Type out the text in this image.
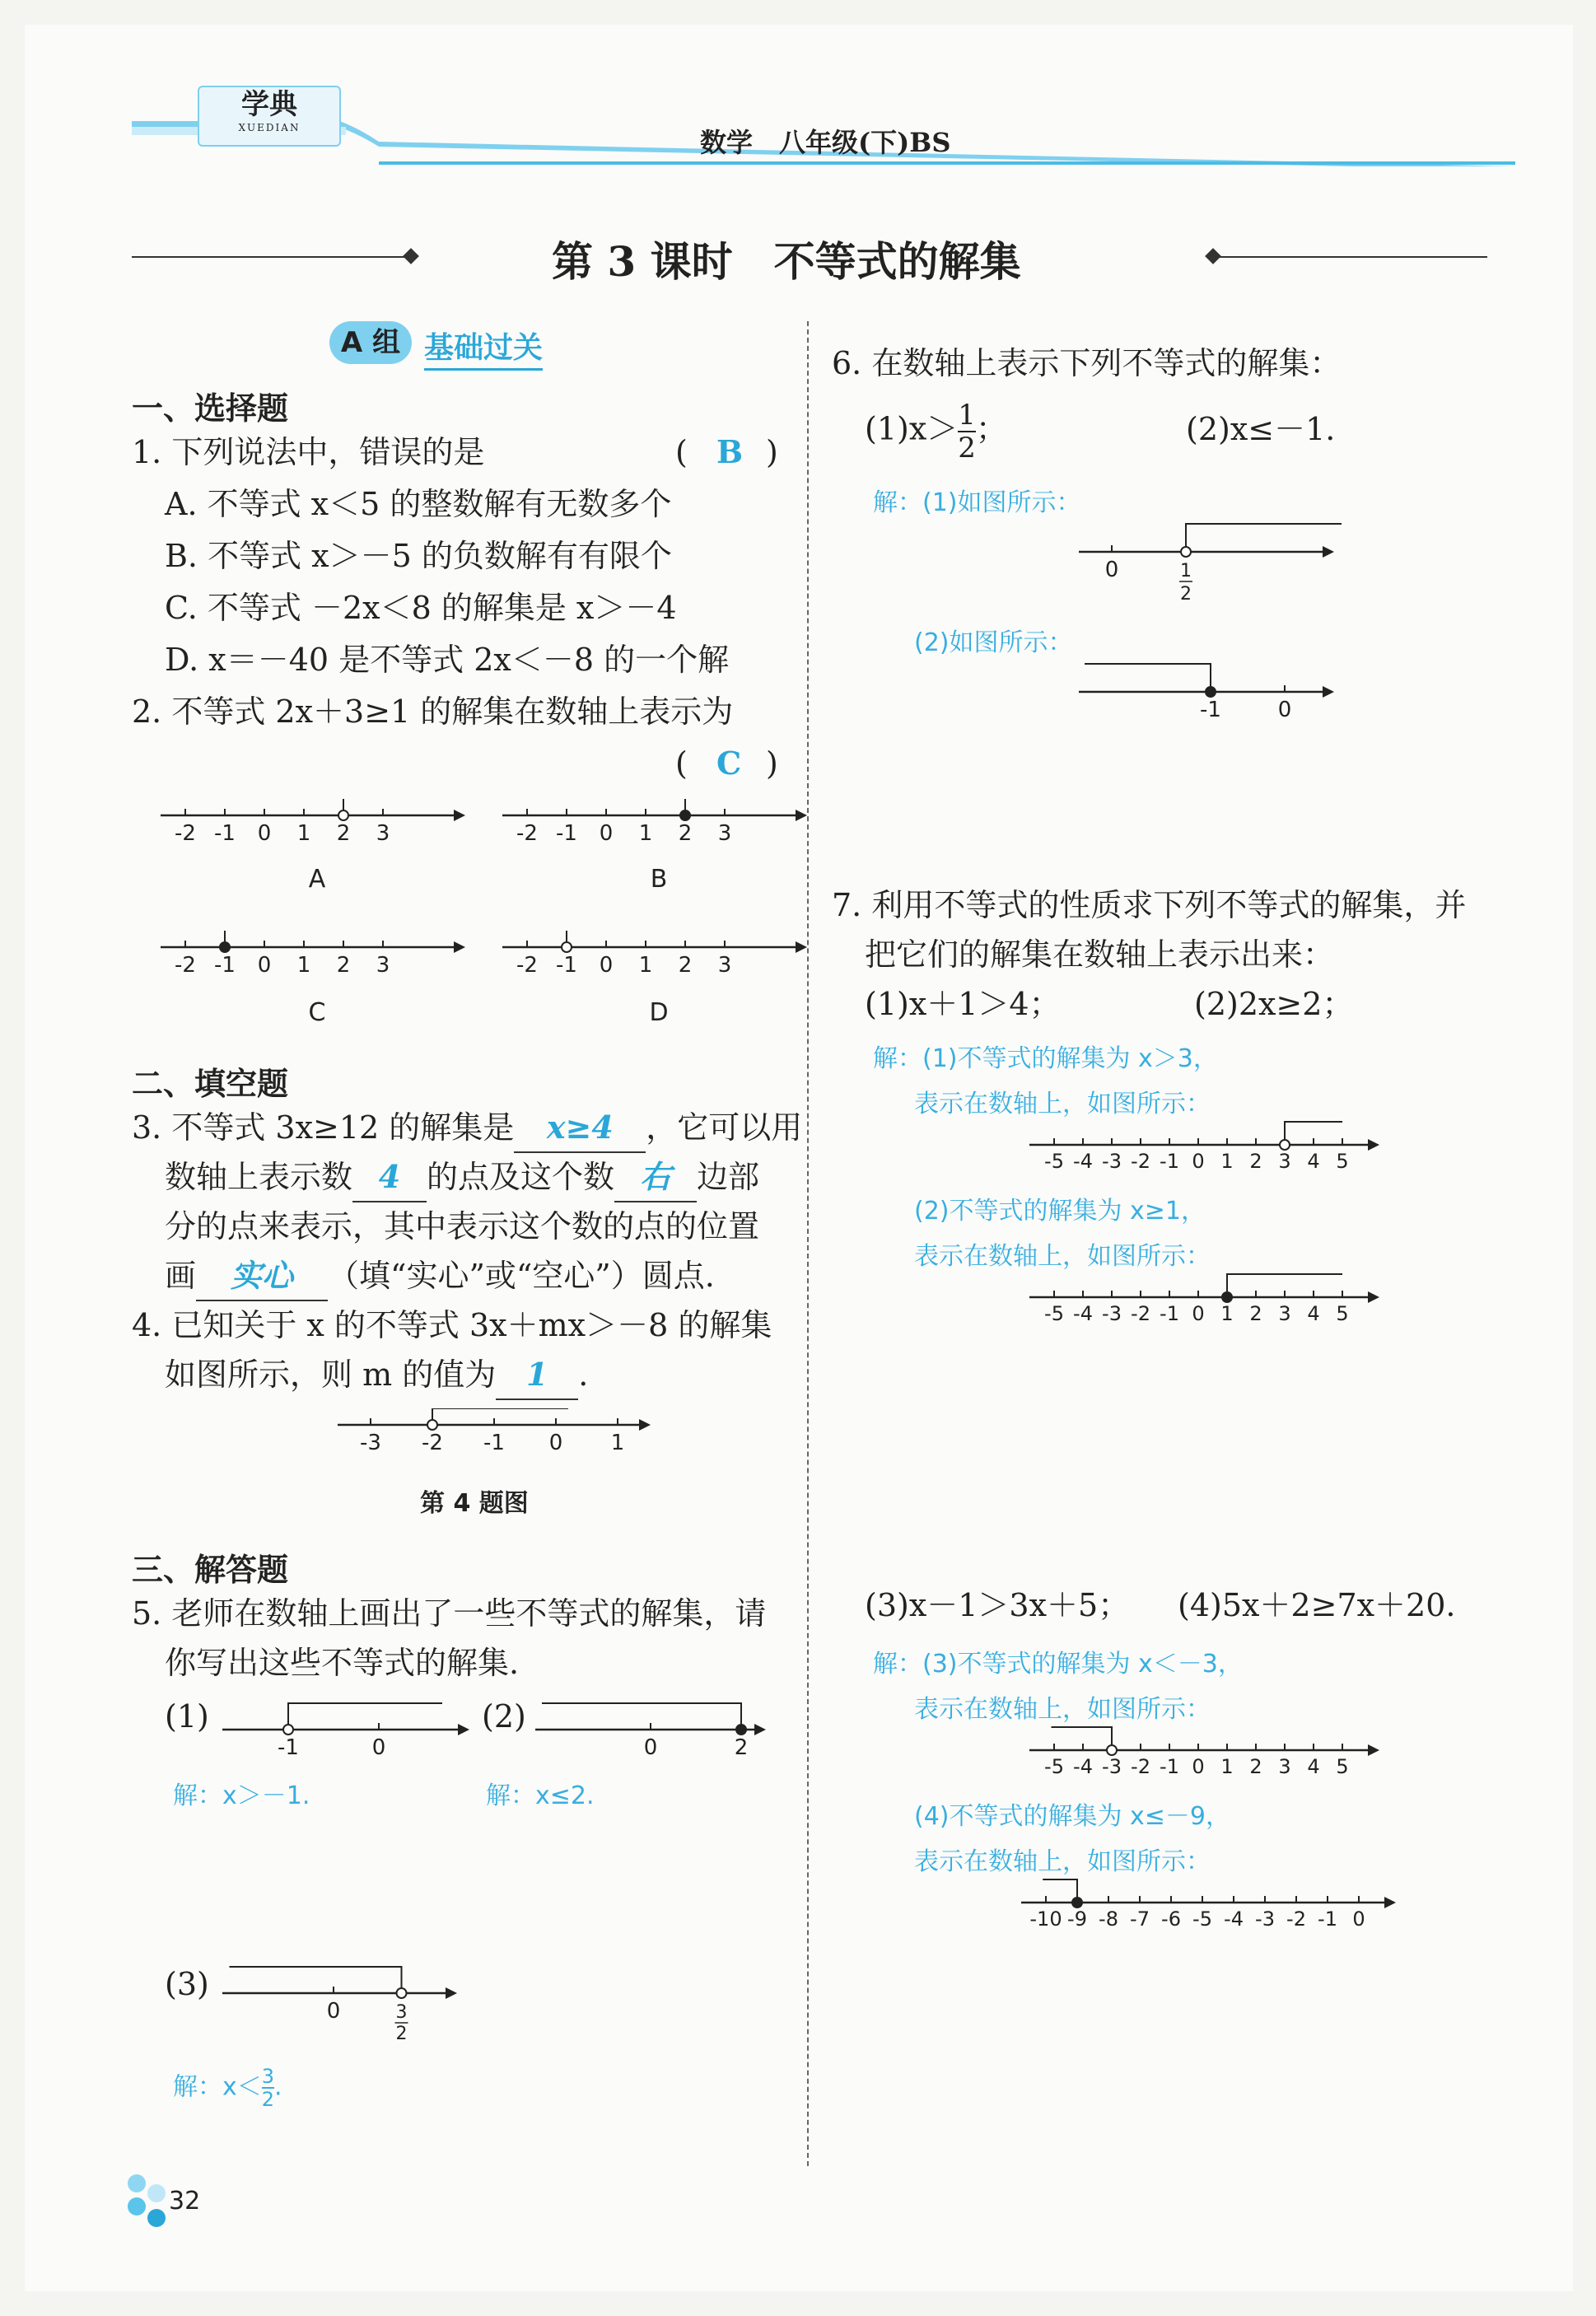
学典
XUEDIAN	数学　八年级(下)BS
第 3 课时　不等式的解集
A 组 基础过关
一、选择题
1. 下列说法中，错误的是	( B )
A. 不等式 x＜5 的整数解有无数多个
B. 不等式 x＞－5 的负数解有有限个
C. 不等式 －2x＜8 的解集是 x＞－4
D. x＝－40 是不等式 2x＜－8 的一个解
2. 不等式 2x＋3≥1 的解集在数轴上表示为
( C )
-2 -1 0 1 2 3	-2 -1 0 1 2 3
A	B
-2 -1 0 1 2 3	-2 -1 0 1 2 3
C	D
二、填空题
3. 不等式 3x≥12 的解集是 x≥4 ，它可以用
数轴上表示数 4 的点及这个数 右 边部
分的点来表示，其中表示这个数的点的位置
画 实心 （填“实心”或“空心”）圆点.
4. 已知关于 x 的不等式 3x＋mx＞－8 的解集
如图所示，则 m 的值为 1 .
-3 -2 -1 0 1
第 4 题图
三、解答题
5. 老师在数轴上画出了一些不等式的解集，请
你写出这些不等式的解集.
(1)
-1	0
解：x＞－1.
(2)
0	2
解：x≤2.
(3)
0	3
2
解：$x< \frac{3}{2}$ .
32
6. 在数轴上表示下列不等式的解集：
$(1)x> \frac{1}{2}$ ；	(2)x≤－1.
解：(1)如图所示：
0	1
2
(2)如图所示：
-1	0
7. 利用不等式的性质求下列不等式的解集，并
把它们的解集在数轴上表示出来：
(1)x＋1＞4；	(2)2x≥2；
解：(1)不等式的解集为 x＞3，
表示在数轴上，如图所示：
-5 -4 -3 -2 -1 0 1 2 3 4 5
(2)不等式的解集为 x≥1，
表示在数轴上，如图所示：
-5 -4 -3 -2 -1 0 1 2 3 4 5
(3)x－1＞3x＋5； (4)5x＋2≥7x＋20.
解：(3)不等式的解集为 x＜－3，
表示在数轴上，如图所示：
-5 -4 -3 -2 -1 0 1 2 3 4 5
(4)不等式的解集为 x≤－9，
表示在数轴上，如图所示：
-10 -9 -8 -7 -6 -5 -4 -3 -2 -1 0
